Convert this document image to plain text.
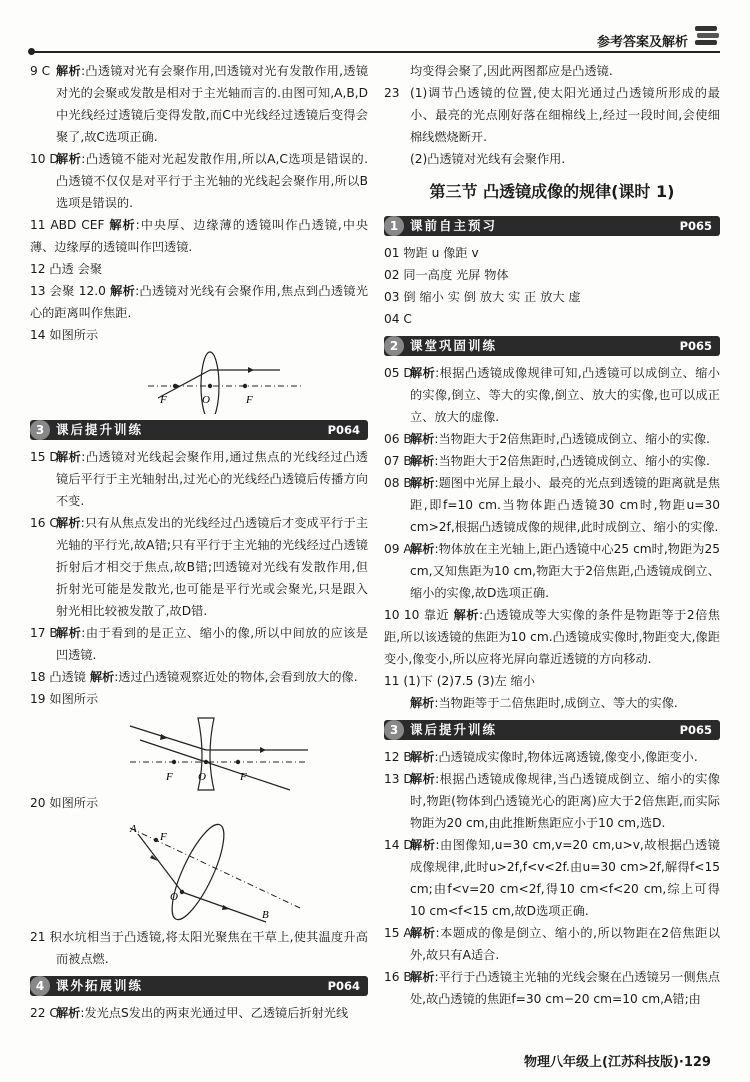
参考答案及解析
9 C 解析:凸透镜对光有会聚作用,凹透镜对光有发散作用,透镜对光的会聚或发散是相对于主光轴而言的.由图可知,A,B,D中光线经过透镜后变得发散,而C中光线经过透镜后变得会聚了,故C选项正确.
10 D
解析:凸透镜不能对光起发散作用,所以A,C选项是错误的.凸透镜不仅仅是对平行于主光轴的光线起会聚作用,所以B选项是错误的.
11 ABD CEF 解析:中央厚、边缘薄的透镜叫作凸透镜,中央薄、边缘厚的透镜叫作凹透镜.
12 凸透 会聚
13 会聚 12.0 解析:凸透镜对光线有会聚作用,焦点到凸透镜光心的距离叫作焦距.
14 如图所示
F	O	F
3 课后提升训练	P064
15 D
解析:凸透镜对光线起会聚作用,通过焦点的光线经过凸透镜后平行于主光轴射出,过光心的光线经凸透镜后传播方向不变.
16 C
解析:只有从焦点发出的光线经过凸透镜后才变成平行于主光轴的平行光,故A错;只有平行于主光轴的光线经过凸透镜折射后才相交于焦点,故B错;凹透镜对光线有发散作用,但折射光可能是发散光,也可能是平行光或会聚光,只是跟入射光相比较被发散了,故D错.
17 B
解析:由于看到的是正立、缩小的像,所以中间放的应该是凹透镜.
18 凸透镜 解析:透过凸透镜观察近处的物体,会看到放大的像.
19 如图所示
F O	F
20 如图所示
A
F
O
B
21 积水坑相当于凸透镜,将太阳光聚焦在干草上,使其温度升高而被点燃.
4 课外拓展训练	P064
22 C
解析:发光点S发出的两束光通过甲、乙透镜后折射光线
均变得会聚了,因此两图都应是凸透镜.
23 (1)调节凸透镜的位置,使太阳光通过凸透镜所形成的最小、最亮的光点刚好落在细棉线上,经过一段时间,会使细棉线燃烧断开.
(2)凸透镜对光线有会聚作用.
第三节 凸透镜成像的规律(课时 1)
1 课前自主预习	P065
01 物距 u 像距 v
02 同一高度 光屏 物体
03 倒 缩小 实 倒 放大 实 正 放大 虚
04 C
2 课堂巩固训练	P065
05 D
解析:根据凸透镜成像规律可知,凸透镜可以成倒立、缩小的实像,倒立、等大的实像,倒立、放大的实像,也可以成正立、放大的虚像.
06 B
解析:当物距大于2倍焦距时,凸透镜成倒立、缩小的实像.
07 B
解析:当物距大于2倍焦距时,凸透镜成倒立、缩小的实像.
08 B
解析:题图中光屏上最小、最亮的光点到透镜的距离就是焦距,即f=10 cm.当物体距凸透镜30 cm时,物距u=30 cm>2f,根据凸透镜成像的规律,此时成倒立、缩小的实像.
09 A
解析:物体放在主光轴上,距凸透镜中心25 cm时,物距为25 cm,又知焦距为10 cm,物距大于2倍焦距,凸透镜成倒立、缩小的实像,故D选项正确.
10 10 靠近 解析:凸透镜成等大实像的条件是物距等于2倍焦距,所以该透镜的焦距为10 cm.凸透镜成实像时,物距变大,像距变小,像变小,所以应将光屏向靠近透镜的方向移动.
11 (1)下 (2)7.5 (3)左 缩小
解析:当物距等于二倍焦距时,成倒立、等大的实像.
3 课后提升训练	P065
12 B
解析:凸透镜成实像时,物体远离透镜,像变小,像距变小.
13 D
解析:根据凸透镜成像规律,当凸透镜成倒立、缩小的实像时,物距(物体到凸透镜光心的距离)应大于2倍焦距,而实际物距为20 cm,由此推断焦距应小于10 cm,选D.
14 D
解析:由图像知,u=30 cm,v=20 cm,u>v,故根据凸透镜成像规律,此时u>2f,f<v<2f.由u=30 cm>2f,解得f<15 cm;由f<v=20 cm<2f,得10 cm<f<20 cm,综上可得10 cm<f<15 cm,故D选项正确.
15 A
解析:本题成的像是倒立、缩小的,所以物距在2倍焦距以外,故只有A适合.
16 B
解析:平行于凸透镜主光轴的光线会聚在凸透镜另一侧焦点处,故凸透镜的焦距f=30 cm−20 cm=10 cm,A错;由
物理八年级上(江苏科技版)·129
